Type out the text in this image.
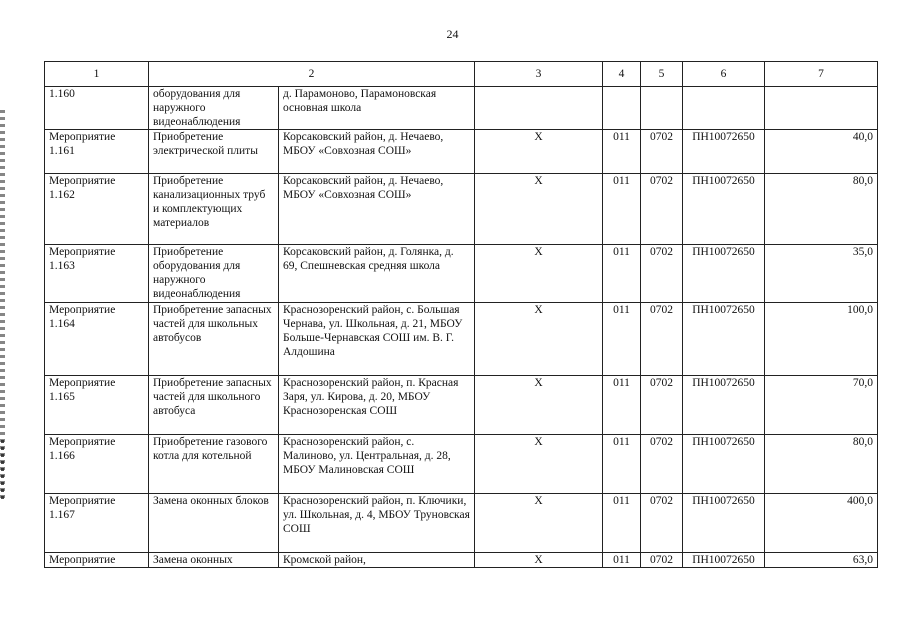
24
1	2		3	4	5	6	7
1.160	оборудования для наружного видеонаблюдения	д. Парамоново, Парамоновская основная школа					
Мероприятие 1.161	Приобретение электрической плиты	Корсаковский район, д. Нечаево, МБОУ «Совхозная СОШ»	Х	011	0702	ПН10072650	40,0
Мероприятие 1.162	Приобретение канализационных труб и комплектующих материалов	Корсаковский район, д. Нечаево, МБОУ «Совхозная СОШ»	Х	011	0702	ПН10072650	80,0
Мероприятие 1.163	Приобретение оборудования для наружного видеонаблюдения	Корсаковский район, д. Голянка, д. 69, Спешневская средняя школа	Х	011	0702	ПН10072650	35,0
Мероприятие 1.164	Приобретение запасных частей для школьных автобусов	Краснозоренский район, с. Большая Чернава, ул. Школьная, д. 21, МБОУ Больше-Чернавская СОШ им. В. Г. Алдошина	Х	011	0702	ПН10072650	100,0
Мероприятие 1.165	Приобретение запасных частей для школьного автобуса	Краснозоренский район, п. Красная Заря, ул. Кирова, д. 20, МБОУ Краснозоренская СОШ	Х	011	0702	ПН10072650	70,0
Мероприятие 1.166	Приобретение газового котла для котельной	Краснозоренский район, с. Малиново, ул. Центральная, д. 28, МБОУ Малиновская СОШ	Х	011	0702	ПН10072650	80,0
Мероприятие 1.167	Замена оконных блоков	Краснозоренский район, п. Ключики, ул. Школьная, д. 4, МБОУ Труновская СОШ	Х	011	0702	ПН10072650	400,0
Мероприятие	Замена оконных	Кромской район,	Х	011	0702	ПН10072650	63,0
